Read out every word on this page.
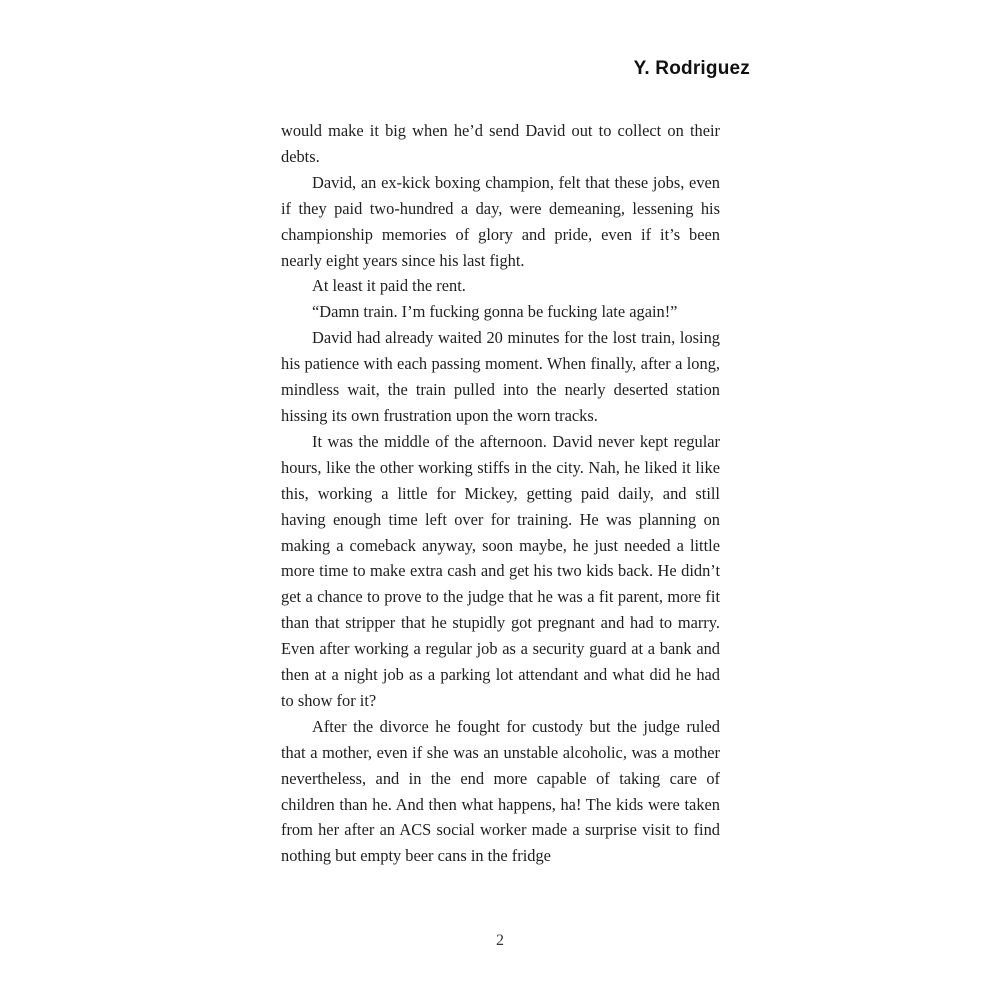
Y. Rodriguez

would make it big when he’d send David out to collect on their debts.

David, an ex-kick boxing champion, felt that these jobs, even if they paid two-hundred a day, were demeaning, lessening his championship memories of glory and pride, even if it’s been nearly eight years since his last fight.

At least it paid the rent.

“Damn train. I’m fucking gonna be fucking late again!”

David had already waited 20 minutes for the lost train, losing his patience with each passing moment. When finally, after a long, mindless wait, the train pulled into the nearly deserted station hissing its own frustration upon the worn tracks.

It was the middle of the afternoon. David never kept regular hours, like the other working stiffs in the city. Nah, he liked it like this, working a little for Mickey, getting paid daily, and still having enough time left over for training. He was planning on making a comeback anyway, soon maybe, he just needed a little more time to make extra cash and get his two kids back. He didn’t get a chance to prove to the judge that he was a fit parent, more fit than that stripper that he stupidly got pregnant and had to marry. Even after working a regular job as a security guard at a bank and then at a night job as a parking lot attendant and what did he had to show for it?

After the divorce he fought for custody but the judge ruled that a mother, even if she was an unstable alcoholic, was a mother nevertheless, and in the end more capable of taking care of children than he. And then what happens, ha! The kids were taken from her after an ACS social worker made a surprise visit to find nothing but empty beer cans in the fridge

2
